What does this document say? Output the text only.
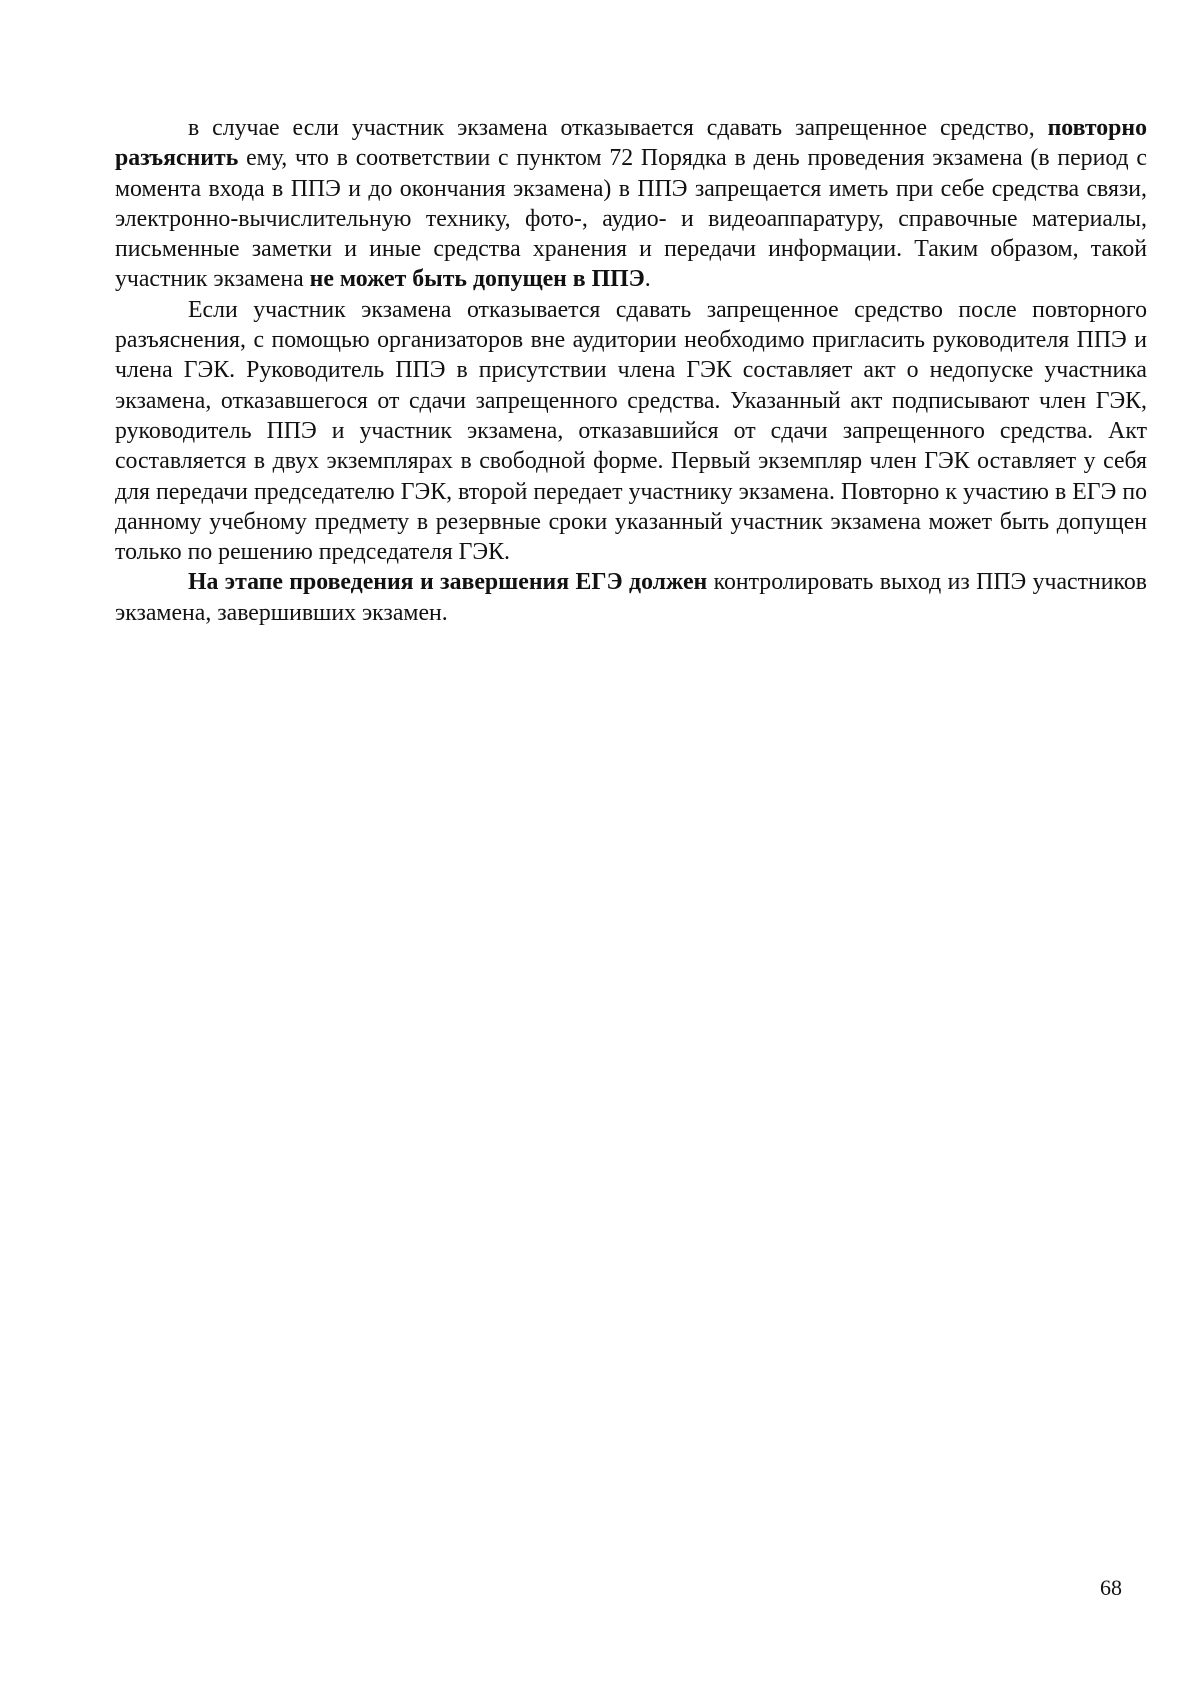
в случае если участник экзамена отказывается сдавать запрещенное средство, повторно разъяснить ему, что в соответствии с пунктом 72 Порядка в день проведения экзамена (в период с момента входа в ППЭ и до окончания экзамена) в ППЭ запрещается иметь при себе средства связи, электронно-вычислительную технику, фото-, аудио- и видеоаппаратуру, справочные материалы, письменные заметки и иные средства хранения и передачи информации. Таким образом, такой участник экзамена не может быть допущен в ППЭ.

Если участник экзамена отказывается сдавать запрещенное средство после повторного разъяснения, с помощью организаторов вне аудитории необходимо пригласить руководителя ППЭ и члена ГЭК. Руководитель ППЭ в присутствии члена ГЭК составляет акт о недопуске участника экзамена, отказавшегося от сдачи запрещенного средства. Указанный акт подписывают член ГЭК, руководитель ППЭ и участник экзамена, отказавшийся от сдачи запрещенного средства. Акт составляется в двух экземплярах в свободной форме. Первый экземпляр член ГЭК оставляет у себя для передачи председателю ГЭК, второй передает участнику экзамена. Повторно к участию в ЕГЭ по данному учебному предмету в резервные сроки указанный участник экзамена может быть допущен только по решению председателя ГЭК.

На этапе проведения и завершения ЕГЭ должен контролировать выход из ППЭ участников экзамена, завершивших экзамен.

68
